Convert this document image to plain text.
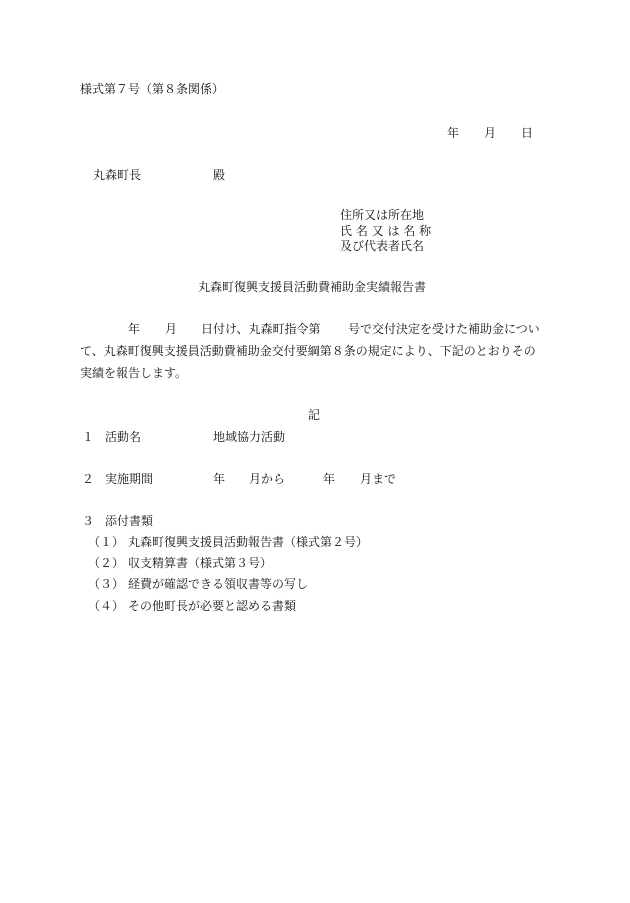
様式第７号（第８条関係）
年 月 日
丸森町長	殿
住所又は所在地
氏 名 又 は 名 称
及び代表者氏名
丸森町復興支援員活動費補助金実績報告書
年 月 日付け、丸森町指令第 号で交付決定を受けた補助金につい
て、丸森町復興支援員活動費補助金交付要綱第８条の規定により、下記のとおりその
実績を報告します。
記
１ 活動名	地域協力活動
２ 実施期間	年 月から	年 月まで
３ 添付書類
（１） 丸森町復興支援員活動報告書（様式第２号）
（２） 収支精算書（様式第３号）
（３） 経費が確認できる領収書等の写し
（４） その他町長が必要と認める書類
